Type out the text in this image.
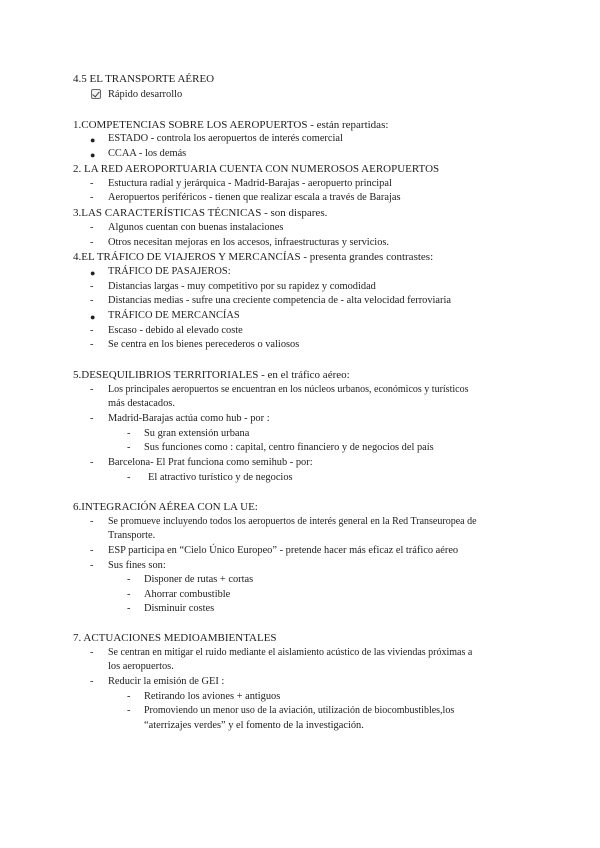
4.5 EL TRANSPORTE AÉREO
Rápido desarrollo
1.COMPETENCIAS SOBRE LOS AEROPUERTOS - están repartidas:
●	ESTADO - controla los aeropuertos de interés comercial
●	CCAA - los demás
2. LA RED AEROPORTUARIA CUENTA CON NUMEROSOS AEROPUERTOS
-	Estuctura radial y jerárquica - Madrid-Barajas - aeropuerto principal
-	Aeropuertos periféricos - tienen que realizar escala a través de Barajas
3.LAS CARACTERÍSTICAS TÉCNICAS - son dispares.
-	Algunos cuentan con buenas instalaciones
-	Otros necesitan mejoras en los accesos, infraestructuras y servicios.
4.EL TRÁFICO DE VIAJEROS Y MERCANCÍAS - presenta grandes contrastes:
●	TRÁFICO DE PASAJEROS:
-	Distancias largas - muy competitivo por su rapidez y comodidad
-	Distancias medias - sufre una creciente competencia de - alta velocidad ferroviaria
●	TRÁFICO DE MERCANCÍAS
-	Escaso - debido al elevado coste
-	Se centra en los bienes perecederos o valiosos
5.DESEQUILIBRIOS TERRITORIALES - en el tráfico aéreo:
-	Los principales aeropuertos se encuentran en los núcleos urbanos, económicos y turísticos
más destacados.
-	Madrid-Barajas actúa como hub - por :
-	Su gran extensión urbana
-	Sus funciones como : capital, centro financiero y de negocios del país
-	Barcelona- El Prat funciona como semihub - por:
-	El atractivo turístico y de negocios
6.INTEGRACIÓN AÉREA CON LA UE:
-	Se promueve incluyendo todos los aeropuertos de interés general en la Red Transeuropea de
Transporte.
-	ESP participa en “Cielo Único Europeo” - pretende hacer más eficaz el tráfico aéreo
-	Sus fines son:
-	Disponer de rutas + cortas
-	Ahorrar combustible
-	Disminuir costes
7. ACTUACIONES MEDIOAMBIENTALES
-	Se centran en mitigar el ruido mediante el aislamiento acústico de las viviendas próximas a
los aeropuertos.
-	Reducir la emisión de GEI :
-	Retirando los aviones + antiguos
-	Promoviendo un menor uso de la aviación, utilización de biocombustibles,los
“aterrizajes verdes” y el fomento de la investigación.
